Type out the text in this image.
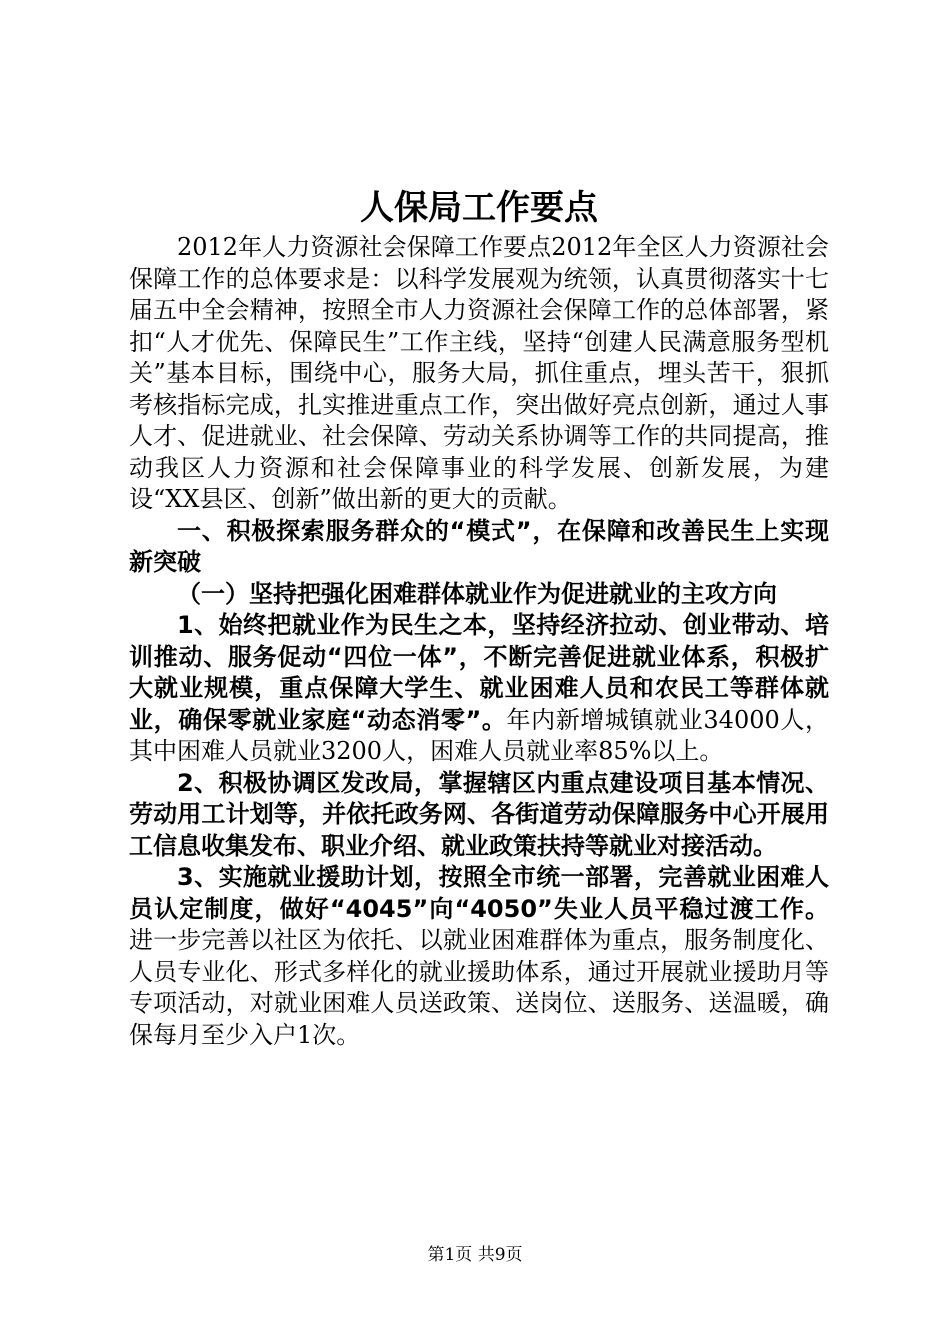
人保局工作要点

2012年人力资源社会保障工作要点2012年全区人力资源社会保障工作的总体要求是：以科学发展观为统领，认真贯彻落实十七届五中全会精神，按照全市人力资源社会保障工作的总体部署，紧扣“人才优先、保障民生”工作主线，坚持“创建人民满意服务型机关”基本目标，围绕中心，服务大局，抓住重点，埋头苦干，狠抓考核指标完成，扎实推进重点工作，突出做好亮点创新，通过人事人才、促进就业、社会保障、劳动关系协调等工作的共同提高，推动我区人力资源和社会保障事业的科学发展、创新发展，为建设“XX县区、创新”做出新的更大的贡献。

一、积极探索服务群众的“模式”，在保障和改善民生上实现新突破

（一）坚持把强化困难群体就业作为促进就业的主攻方向

1、始终把就业作为民生之本，坚持经济拉动、创业带动、培训推动、服务促动“四位一体”，不断完善促进就业体系，积极扩大就业规模，重点保障大学生、就业困难人员和农民工等群体就业，确保零就业家庭“动态消零”。年内新增城镇就业34000人，其中困难人员就业3200人，困难人员就业率85%以上。

2、积极协调区发改局，掌握辖区内重点建设项目基本情况、劳动用工计划等，并依托政务网、各街道劳动保障服务中心开展用工信息收集发布、职业介绍、就业政策扶持等就业对接活动。

3、实施就业援助计划，按照全市统一部署，完善就业困难人员认定制度，做好“4045”向“4050”失业人员平稳过渡工作。进一步完善以社区为依托、以就业困难群体为重点，服务制度化、人员专业化、形式多样化的就业援助体系，通过开展就业援助月等专项活动，对就业困难人员送政策、送岗位、送服务、送温暖，确保每月至少入户1次。

第1页 共9页
